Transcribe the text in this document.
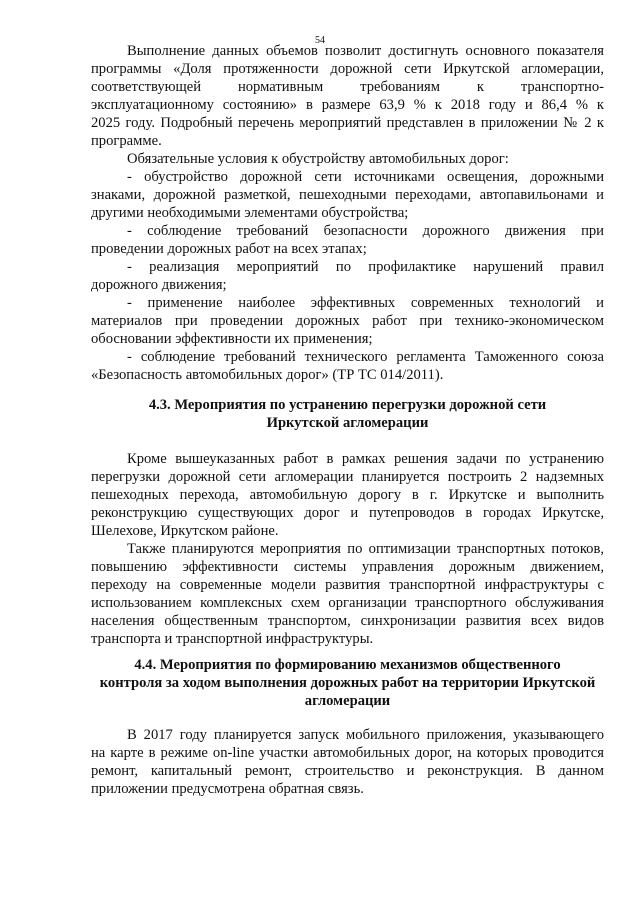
54
Выполнение данных объемов позволит достигнуть основного показателя
программы «Доля протяженности дорожной сети Иркутской агломерации,
соответствующей нормативным требованиям к транспортно-
эксплуатационному состоянию» в размере 63,9 % к 2018 году и 86,4 % к
2025 году. Подробный перечень мероприятий представлен в приложении № 2 к
программе.
Обязательные условия к обустройству автомобильных дорог:
- обустройство дорожной сети источниками освещения, дорожными
знаками, дорожной разметкой, пешеходными переходами, автопавильонами и
другими необходимыми элементами обустройства;
- соблюдение требований безопасности дорожного движения при
проведении дорожных работ на всех этапах;
- реализация мероприятий по профилактике нарушений правил
дорожного движения;
- применение наиболее эффективных современных технологий и
материалов при проведении дорожных работ при технико-экономическом
обосновании эффективности их применения;
- соблюдение требований технического регламента Таможенного союза
«Безопасность автомобильных дорог» (ТР ТС 014/2011).
4.3. Мероприятия по устранению перегрузки дорожной сети
Иркутской агломерации
Кроме вышеуказанных работ в рамках решения задачи по устранению
перегрузки дорожной сети агломерации планируется построить 2 надземных
пешеходных перехода, автомобильную дорогу в г. Иркутске и выполнить
реконструкцию существующих дорог и путепроводов в городах Иркутске,
Шелехове, Иркутском районе.
Также планируются мероприятия по оптимизации транспортных потоков,
повышению эффективности системы управления дорожным движением,
переходу на современные модели развития транспортной инфраструктуры с
использованием комплексных схем организации транспортного обслуживания
населения общественным транспортом, синхронизации развития всех видов
транспорта и транспортной инфраструктуры.
4.4. Мероприятия по формированию механизмов общественного
контроля за ходом выполнения дорожных работ на территории Иркутской
агломерации
В 2017 году планируется запуск мобильного приложения, указывающего
на карте в режиме on-line участки автомобильных дорог, на которых проводится
ремонт, капитальный ремонт, строительство и реконструкция. В данном
приложении предусмотрена обратная связь.
